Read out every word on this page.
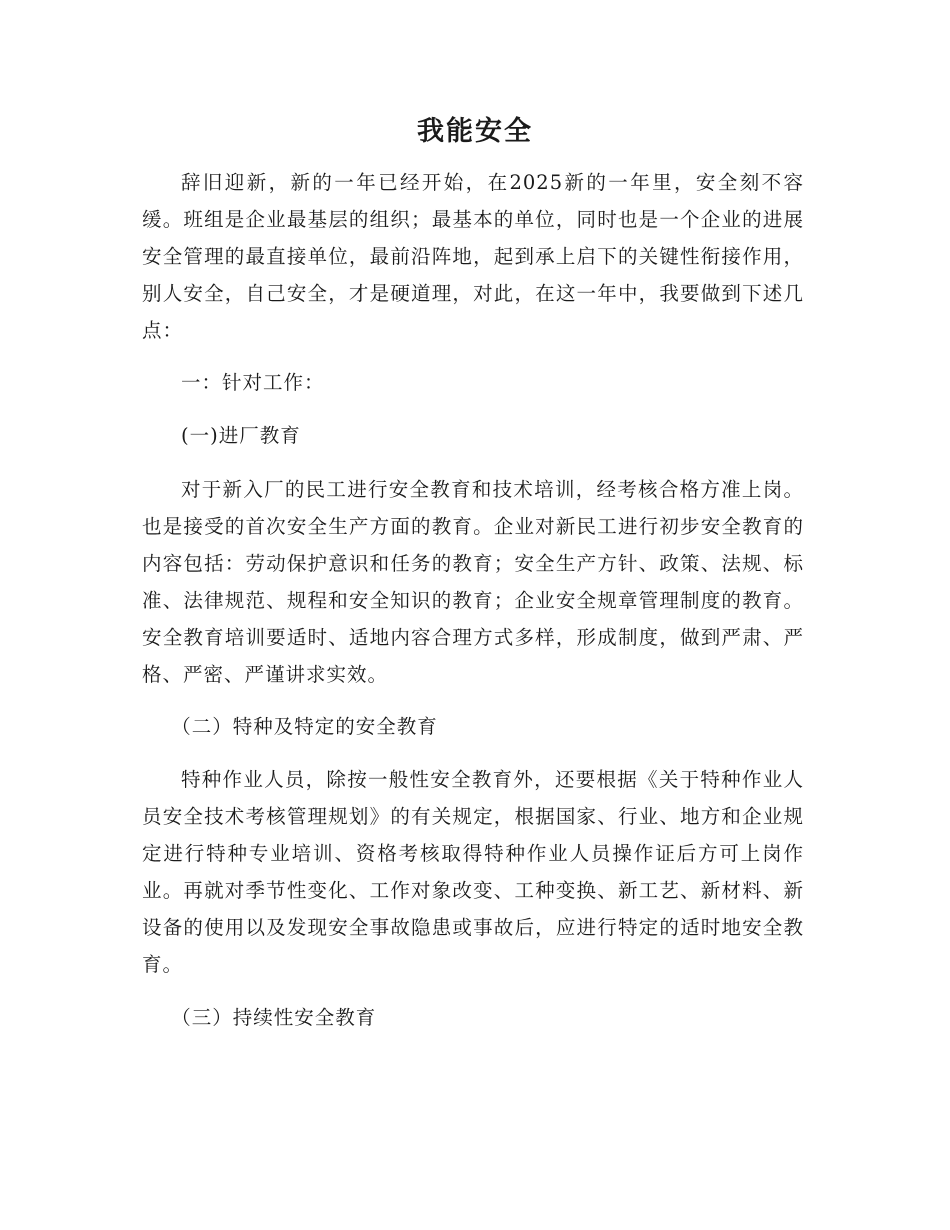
我能安全

辞旧迎新，新的一年已经开始，在2025新的一年里，安全刻不容缓。班组是企业最基层的组织；最基本的单位，同时也是一个企业的进展安全管理的最直接单位，最前沿阵地，起到承上启下的关键性衔接作用，别人安全，自己安全，才是硬道理，对此，在这一年中，我要做到下述几点：

一：针对工作：

(一)进厂教育

对于新入厂的民工进行安全教育和技术培训，经考核合格方准上岗。也是接受的首次安全生产方面的教育。企业对新民工进行初步安全教育的内容包括：劳动保护意识和任务的教育；安全生产方针、政策、法规、标准、法律规范、规程和安全知识的教育；企业安全规章管理制度的教育。安全教育培训要适时、适地内容合理方式多样，形成制度，做到严肃、严格、严密、严谨讲求实效。

（二）特种及特定的安全教育

特种作业人员，除按一般性安全教育外，还要根据《关于特种作业人员安全技术考核管理规划》的有关规定，根据国家、行业、地方和企业规定进行特种专业培训、资格考核取得特种作业人员操作证后方可上岗作业。再就对季节性变化、工作对象改变、工种变换、新工艺、新材料、新设备的使用以及发现安全事故隐患或事故后，应进行特定的适时地安全教育。

（三）持续性安全教育
